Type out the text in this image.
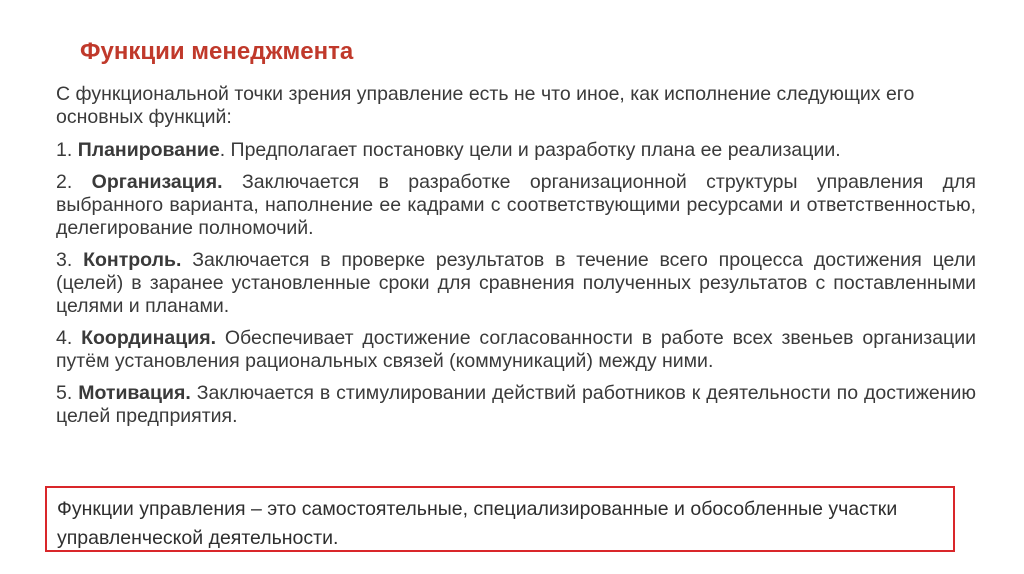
Функции менеджмента

С функциональной точки зрения управление есть не что иное, как исполнение следующих его основных функций:

1. Планирование. Предполагает постановку цели и разработку плана ее реализации.

2. Организация. Заключается в разработке организационной структуры управления для выбранного варианта, наполнение ее кадрами с соответствующими ресурсами и ответственностью, делегирование полномочий.

3. Контроль. Заключается в проверке результатов в течение всего процесса достижения цели (целей) в заранее установленные сроки для сравнения полученных результатов с поставленными целями и планами.

4. Координация. Обеспечивает достижение согласованности в работе всех звеньев организации путём установления рациональных связей (коммуникаций) между ними.

5. Мотивация. Заключается в стимулировании действий работников к деятельности по достижению целей предприятия.

Функции управления – это самостоятельные, специализированные и обособленные участки управленческой деятельности.
